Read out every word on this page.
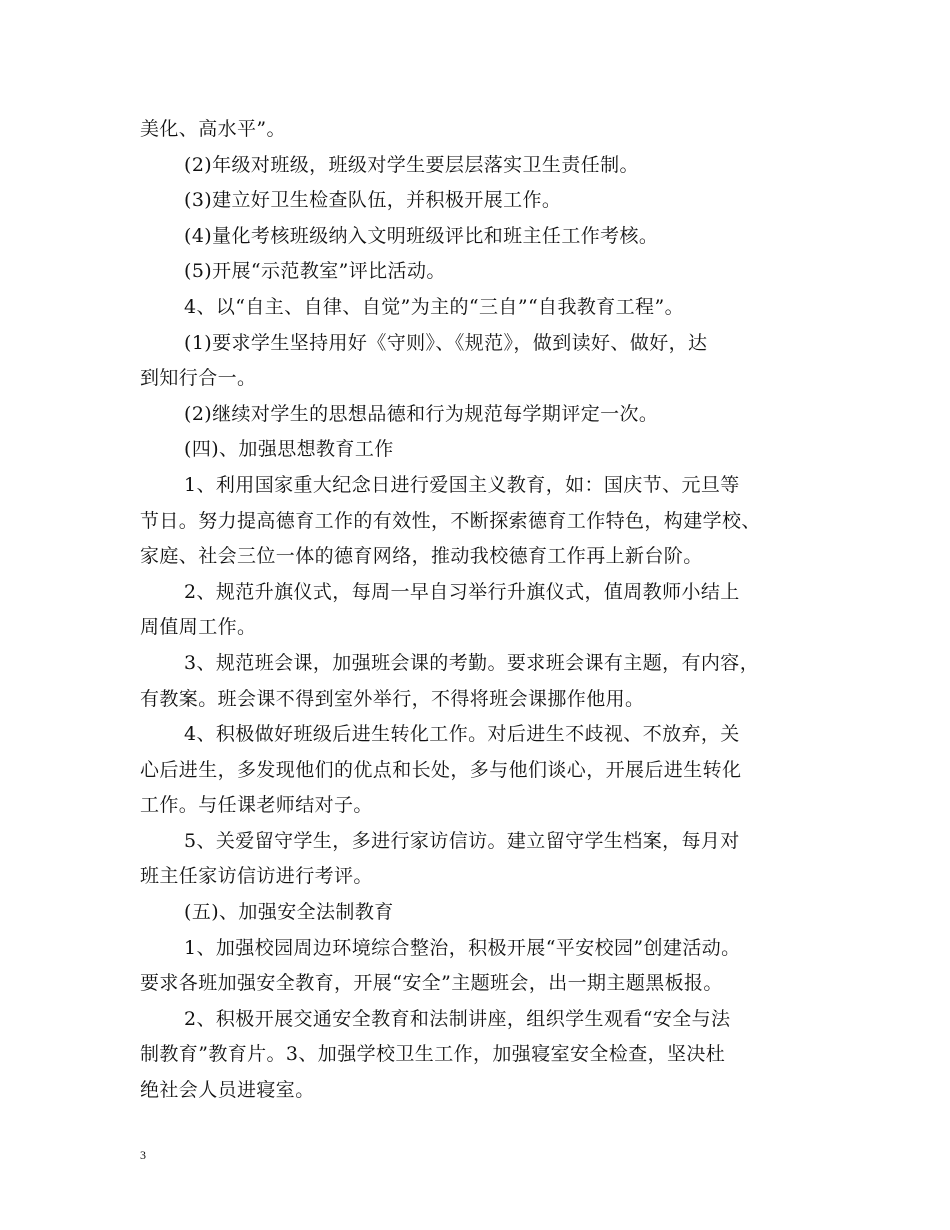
美化、高水平”。
(2)年级对班级，班级对学生要层层落实卫生责任制。
(3)建立好卫生检查队伍，并积极开展工作。
(4)量化考核班级纳入文明班级评比和班主任工作考核。
(5)开展“示范教室”评比活动。
4、以“自主、自律、自觉”为主的“三自”“自我教育工程”。
(1)要求学生坚持用好《守则》、《规范》，做到读好、做好，达
到知行合一。
(2)继续对学生的思想品德和行为规范每学期评定一次。
(四)、加强思想教育工作
1、利用国家重大纪念日进行爱国主义教育，如：国庆节、元旦等
节日。努力提高德育工作的有效性，不断探索德育工作特色，构建学校、
家庭、社会三位一体的德育网络，推动我校德育工作再上新台阶。
2、规范升旗仪式，每周一早自习举行升旗仪式，值周教师小结上
周值周工作。
3、规范班会课，加强班会课的考勤。要求班会课有主题，有内容，
有教案。班会课不得到室外举行，不得将班会课挪作他用。
4、积极做好班级后进生转化工作。对后进生不歧视、不放弃，关
心后进生，多发现他们的优点和长处，多与他们谈心，开展后进生转化
工作。与任课老师结对子。
5、关爱留守学生，多进行家访信访。建立留守学生档案，每月对
班主任家访信访进行考评。
(五)、加强安全法制教育
1、加强校园周边环境综合整治，积极开展“平安校园”创建活动。
要求各班加强安全教育，开展“安全”主题班会，出一期主题黑板报。
2、积极开展交通安全教育和法制讲座，组织学生观看“安全与法
制教育”教育片。3、加强学校卫生工作，加强寝室安全检查，坚决杜
绝社会人员进寝室。
3
